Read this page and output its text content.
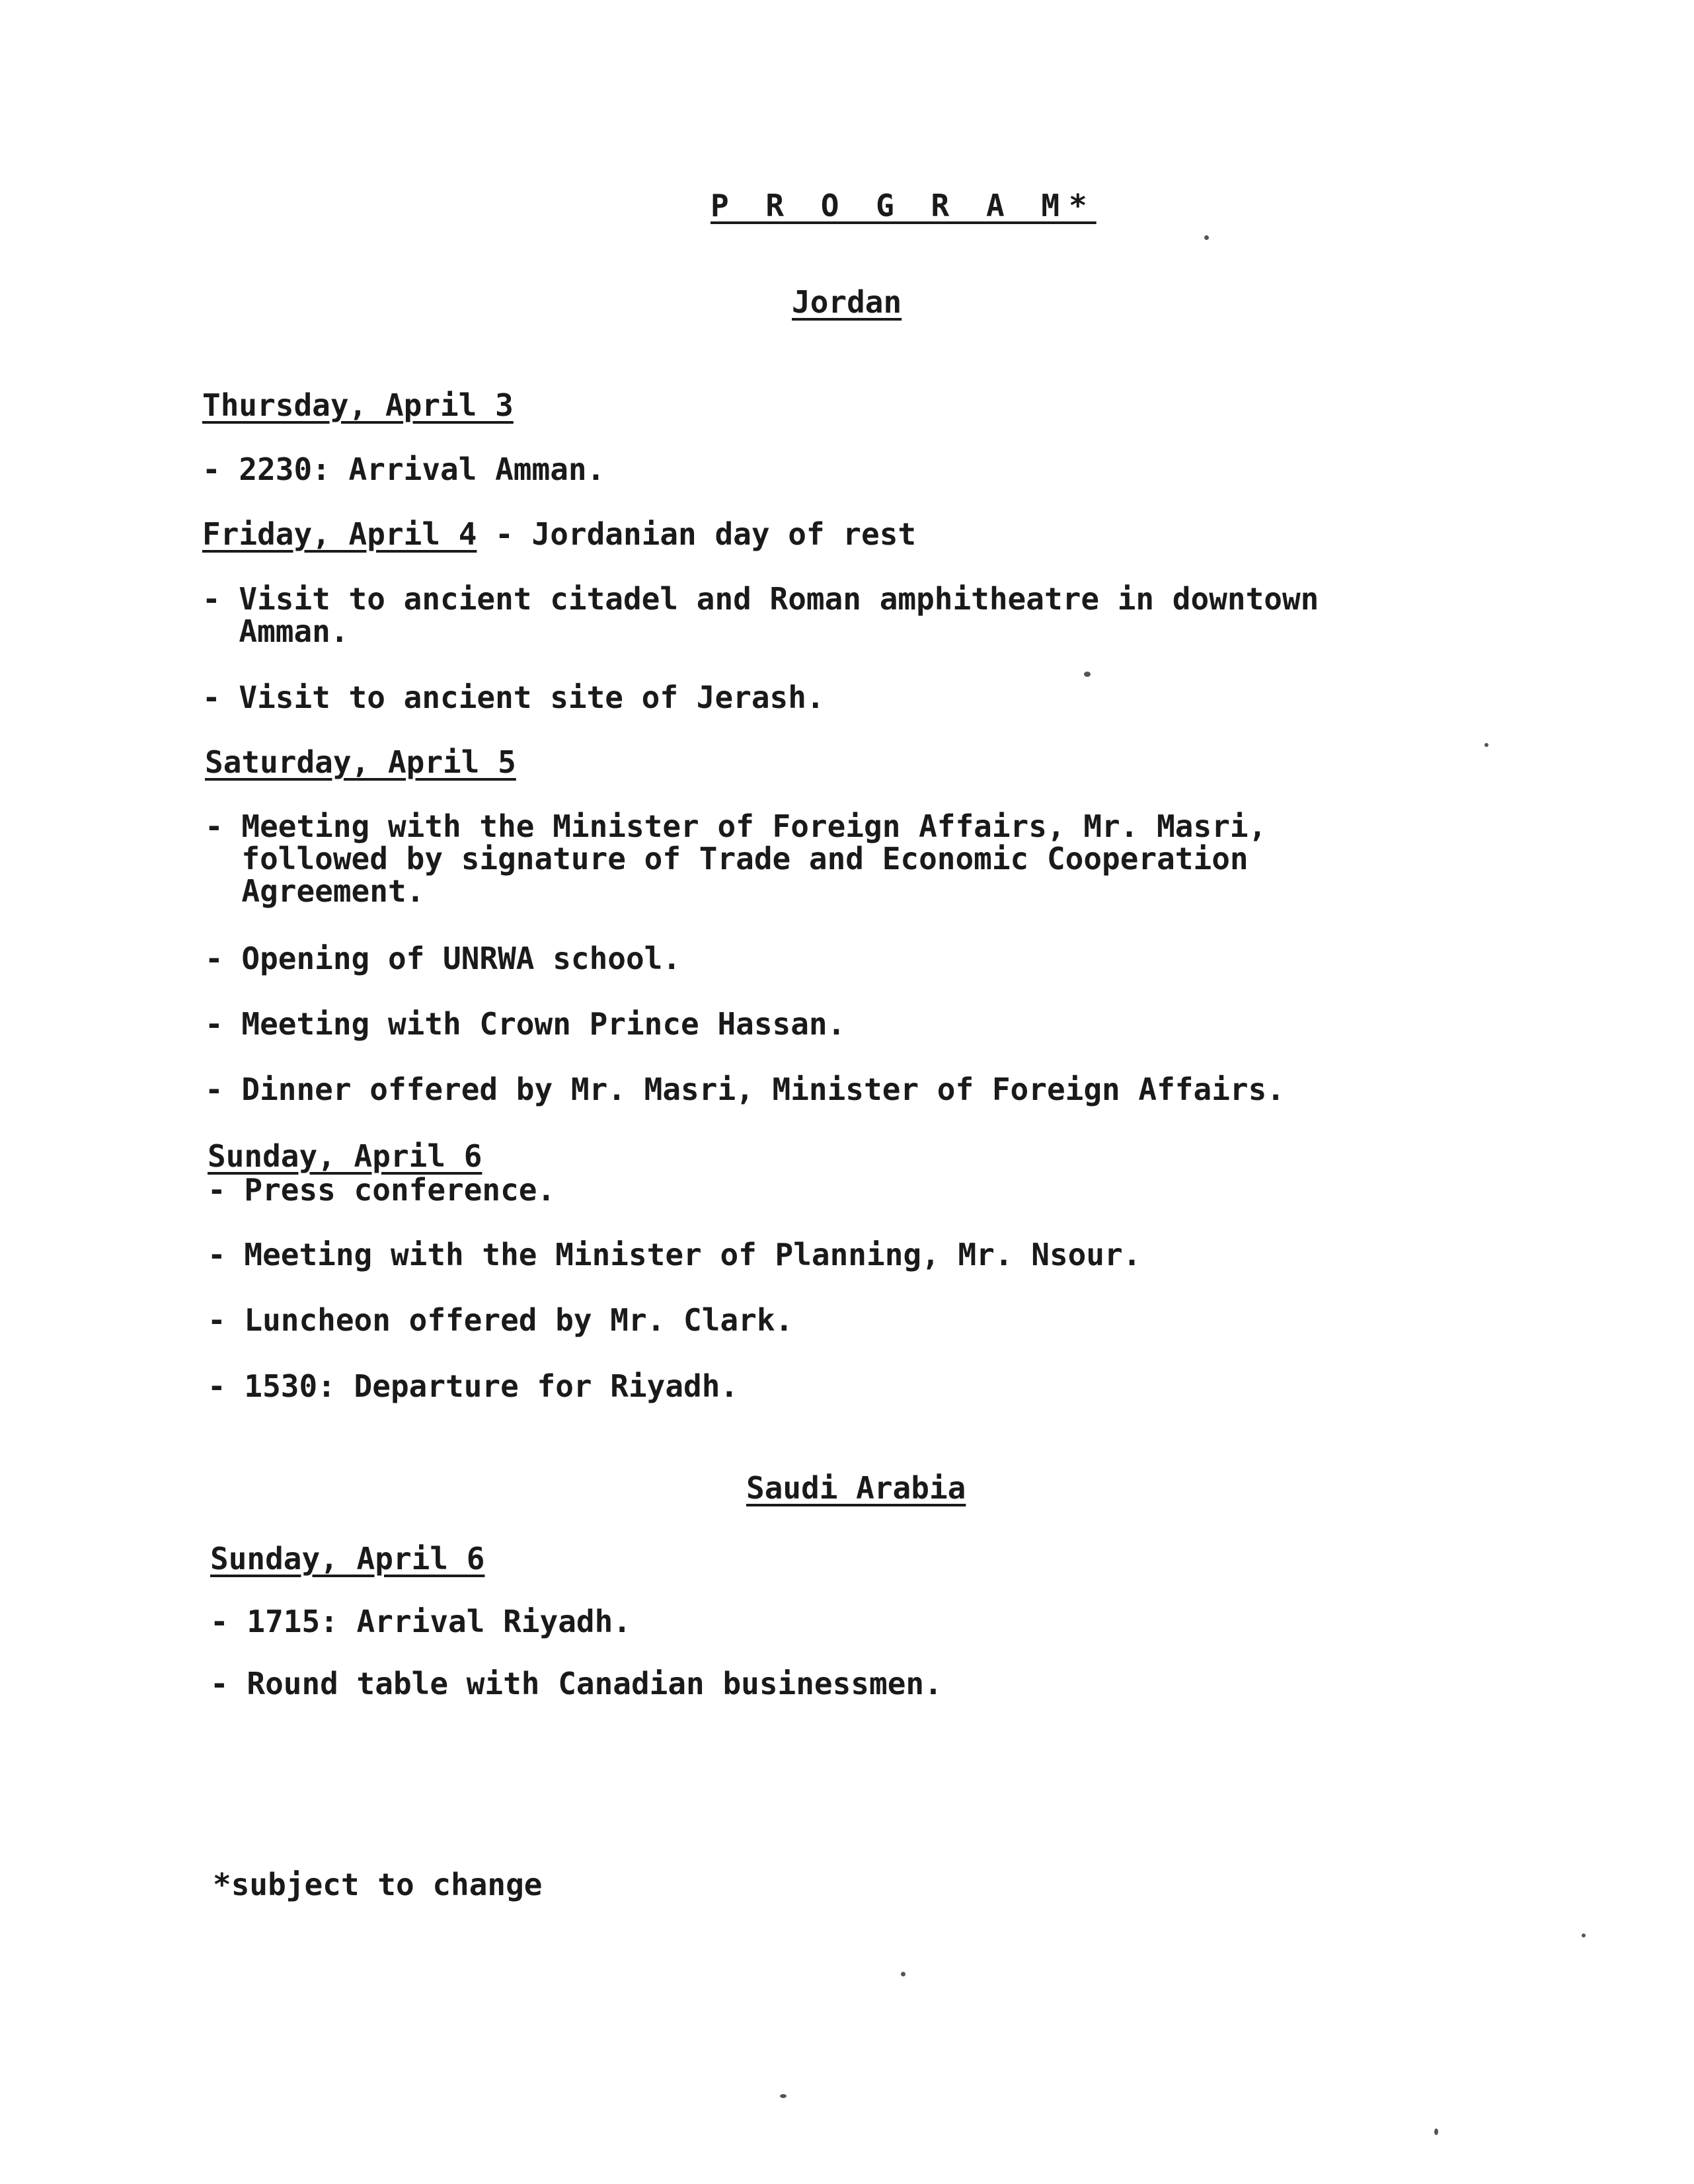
P R O G R A M*
Jordan
Thursday, April 3
- 2230: Arrival Amman.
Friday, April 4 - Jordanian day of rest
- Visit to ancient citadel and Roman amphitheatre in downtown
Amman.
- Visit to ancient site of Jerash.
Saturday, April 5
- Meeting with the Minister of Foreign Affairs, Mr. Masri,
followed by signature of Trade and Economic Cooperation
Agreement.
- Opening of UNRWA school.
- Meeting with Crown Prince Hassan.
- Dinner offered by Mr. Masri, Minister of Foreign Affairs.
Sunday, April 6
- Press conference.
- Meeting with the Minister of Planning, Mr. Nsour.
- Luncheon offered by Mr. Clark.
- 1530: Departure for Riyadh.
Saudi Arabia
Sunday, April 6
- 1715: Arrival Riyadh.
- Round table with Canadian businessmen.
*subject to change
